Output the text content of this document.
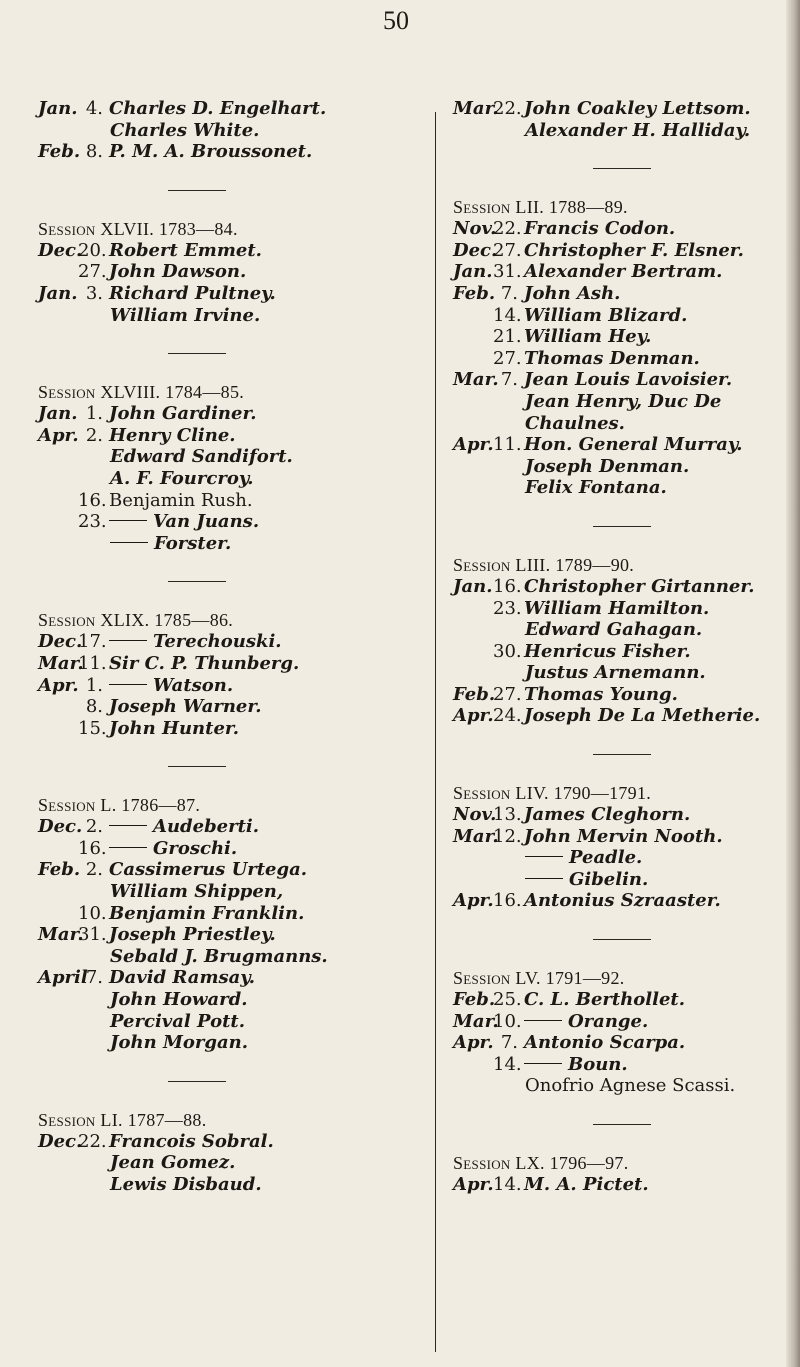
50
Jan. 4. Charles D. Engelhart.
Charles White.
Feb. 8. P. M. A. Broussonet.
Session XLVII. 1783—84.
Dec.20. Robert Emmet.
27. John Dawson.
Jan. 3. Richard Pultney.
William Irvine.
Session XLVIII. 1784—85.
Jan. 1. John Gardiner.
Apr. 2. Henry Cline.
Edward Sandifort.
A. F. Fourcroy.
16. Benjamin Rush.
23.	Van Juans.
Forster.
Session XLIX. 1785—86.
Dec.17.	Terechouski.
Mar.11. Sir C. P. Thunberg.
Apr. 1.	Watson.
8. Joseph Warner.
15. John Hunter.
Session L. 1786—87.
Dec. 2.	Audeberti.
16.	Groschi.
Feb. 2. Cassimerus Urtega.
William Shippen,
10. Benjamin Franklin.
Mar.31. Joseph Priestley.
Sebald J. Brugmanns.
April7. David Ramsay.
John Howard.
Percival Pott.
John Morgan.
Session LI. 1787—88.
Dec.22. Francois Sobral.
Jean Gomez.
Lewis Disbaud.
Mar.22. John Coakley Lettsom.
Alexander H. Halliday.
Session LII. 1788—89.
Nov.22. Francis Codon.
Dec.27. Christopher F. Elsner.
Jan.31. Alexander Bertram.
Feb. 7. John Ash.
14. William Blizard.
21. William Hey.
27. Thomas Denman.
Mar. 7. Jean Louis Lavoisier.
Jean Henry, Duc De
Chaulnes.
Apr.11. Hon. General Murray.
Joseph Denman.
Felix Fontana.
Session LIII. 1789—90.
Jan.16. Christopher Girtanner.
23. William Hamilton.
Edward Gahagan.
30. Henricus Fisher.
Justus Arnemann.
Feb.27. Thomas Young.
Apr.24. Joseph De La Metherie.
Session LIV. 1790—1791.
Nov.13. James Cleghorn.
Mar.12. John Mervin Nooth.
Peadle.
Gibelin.
Apr.16. Antonius Szraaster.
Session LV. 1791—92.
Feb.25. C. L. Berthollet.
Mar.10.	Orange.
Apr. 7. Antonio Scarpa.
14.	Boun.
Onofrio Agnese Scassi.
Session LX. 1796—97.
Apr.14. M. A. Pictet.
